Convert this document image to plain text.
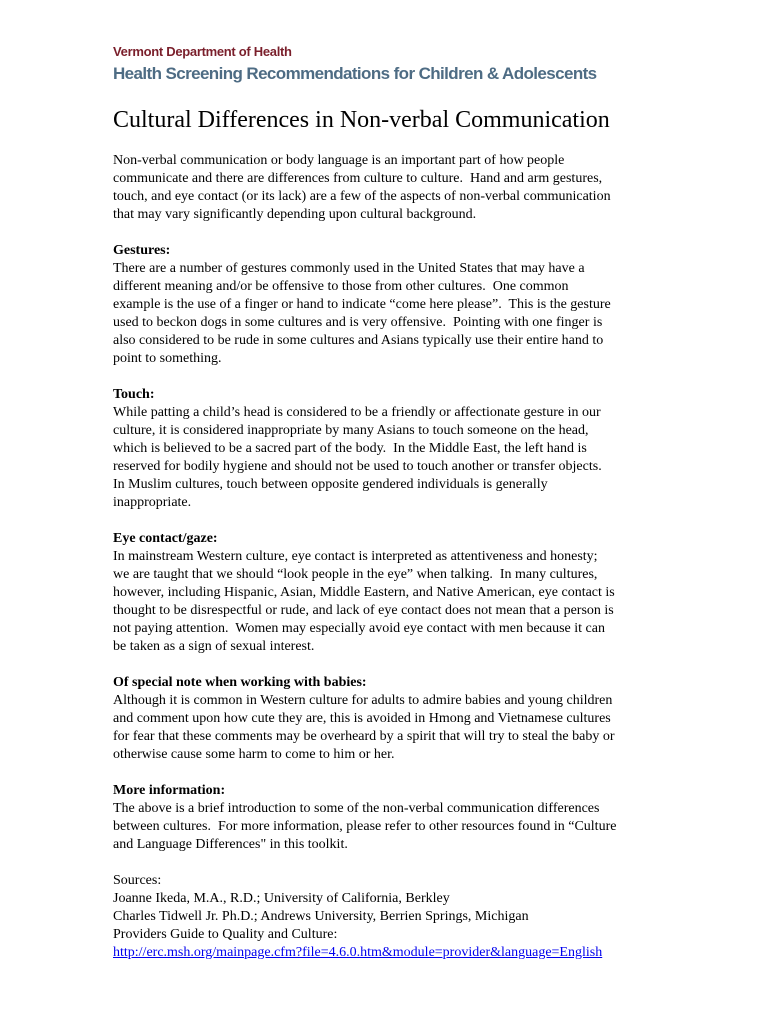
Vermont Department of Health
Health Screening Recommendations for Children & Adolescents
Cultural Differences in Non-verbal Communication

Non-verbal communication or body language is an important part of how people
communicate and there are differences from culture to culture.  Hand and arm gestures,
touch, and eye contact (or its lack) are a few of the aspects of non-verbal communication
that may vary significantly depending upon cultural background.

Gestures:
There are a number of gestures commonly used in the United States that may have a
different meaning and/or be offensive to those from other cultures.  One common
example is the use of a finger or hand to indicate “come here please”.  This is the gesture
used to beckon dogs in some cultures and is very offensive.  Pointing with one finger is
also considered to be rude in some cultures and Asians typically use their entire hand to
point to something.
Touch:
While patting a child’s head is considered to be a friendly or affectionate gesture in our
culture, it is considered inappropriate by many Asians to touch someone on the head,
which is believed to be a sacred part of the body.  In the Middle East, the left hand is
reserved for bodily hygiene and should not be used to touch another or transfer objects.
In Muslim cultures, touch between opposite gendered individuals is generally
inappropriate.
Eye contact/gaze:
In mainstream Western culture, eye contact is interpreted as attentiveness and honesty;
we are taught that we should “look people in the eye” when talking.  In many cultures,
however, including Hispanic, Asian, Middle Eastern, and Native American, eye contact is
thought to be disrespectful or rude, and lack of eye contact does not mean that a person is
not paying attention.  Women may especially avoid eye contact with men because it can
be taken as a sign of sexual interest.
Of special note when working with babies:
Although it is common in Western culture for adults to admire babies and young children
and comment upon how cute they are, this is avoided in Hmong and Vietnamese cultures
for fear that these comments may be overheard by a spirit that will try to steal the baby or
otherwise cause some harm to come to him or her.
More information:
The above is a brief introduction to some of the non-verbal communication differences
between cultures.  For more information, please refer to other resources found in “Culture
and Language Differences" in this toolkit.
Sources:
Joanne Ikeda, M.A., R.D.; University of California, Berkley
Charles Tidwell Jr. Ph.D.; Andrews University, Berrien Springs, Michigan
Providers Guide to Quality and Culture:
http://erc.msh.org/mainpage.cfm?file=4.6.0.htm&module=provider&language=English
